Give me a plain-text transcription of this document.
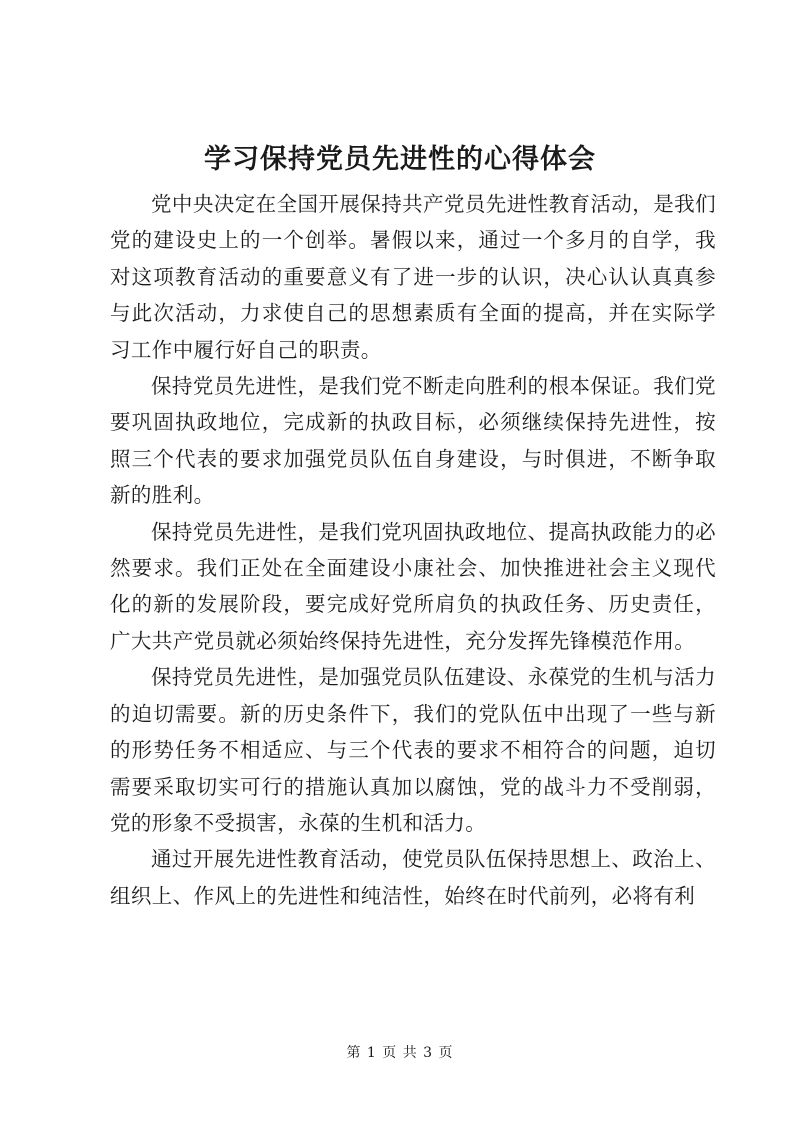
学习保持党员先进性的心得体会

党中央决定在全国开展保持共产党员先进性教育活动，是我们党的建设史上的一个创举。暑假以来，通过一个多月的自学，我对这项教育活动的重要意义有了进一步的认识，决心认认真真参与此次活动，力求使自己的思想素质有全面的提高，并在实际学习工作中履行好自己的职责。

保持党员先进性，是我们党不断走向胜利的根本保证。我们党要巩固执政地位，完成新的执政目标，必须继续保持先进性，按照三个代表的要求加强党员队伍自身建设，与时俱进，不断争取新的胜利。

保持党员先进性，是我们党巩固执政地位、提高执政能力的必然要求。我们正处在全面建设小康社会、加快推进社会主义现代化的新的发展阶段，要完成好党所肩负的执政任务、历史责任，广大共产党员就必须始终保持先进性，充分发挥先锋模范作用。

保持党员先进性，是加强党员队伍建设、永葆党的生机与活力的迫切需要。新的历史条件下，我们的党队伍中出现了一些与新的形势任务不相适应、与三个代表的要求不相符合的问题，迫切需要采取切实可行的措施认真加以腐蚀，党的战斗力不受削弱，党的形象不受损害，永葆的生机和活力。

通过开展先进性教育活动，使党员队伍保持思想上、政治上、组织上、作风上的先进性和纯洁性，始终在时代前列，必将有利

第 1 页 共 3 页
